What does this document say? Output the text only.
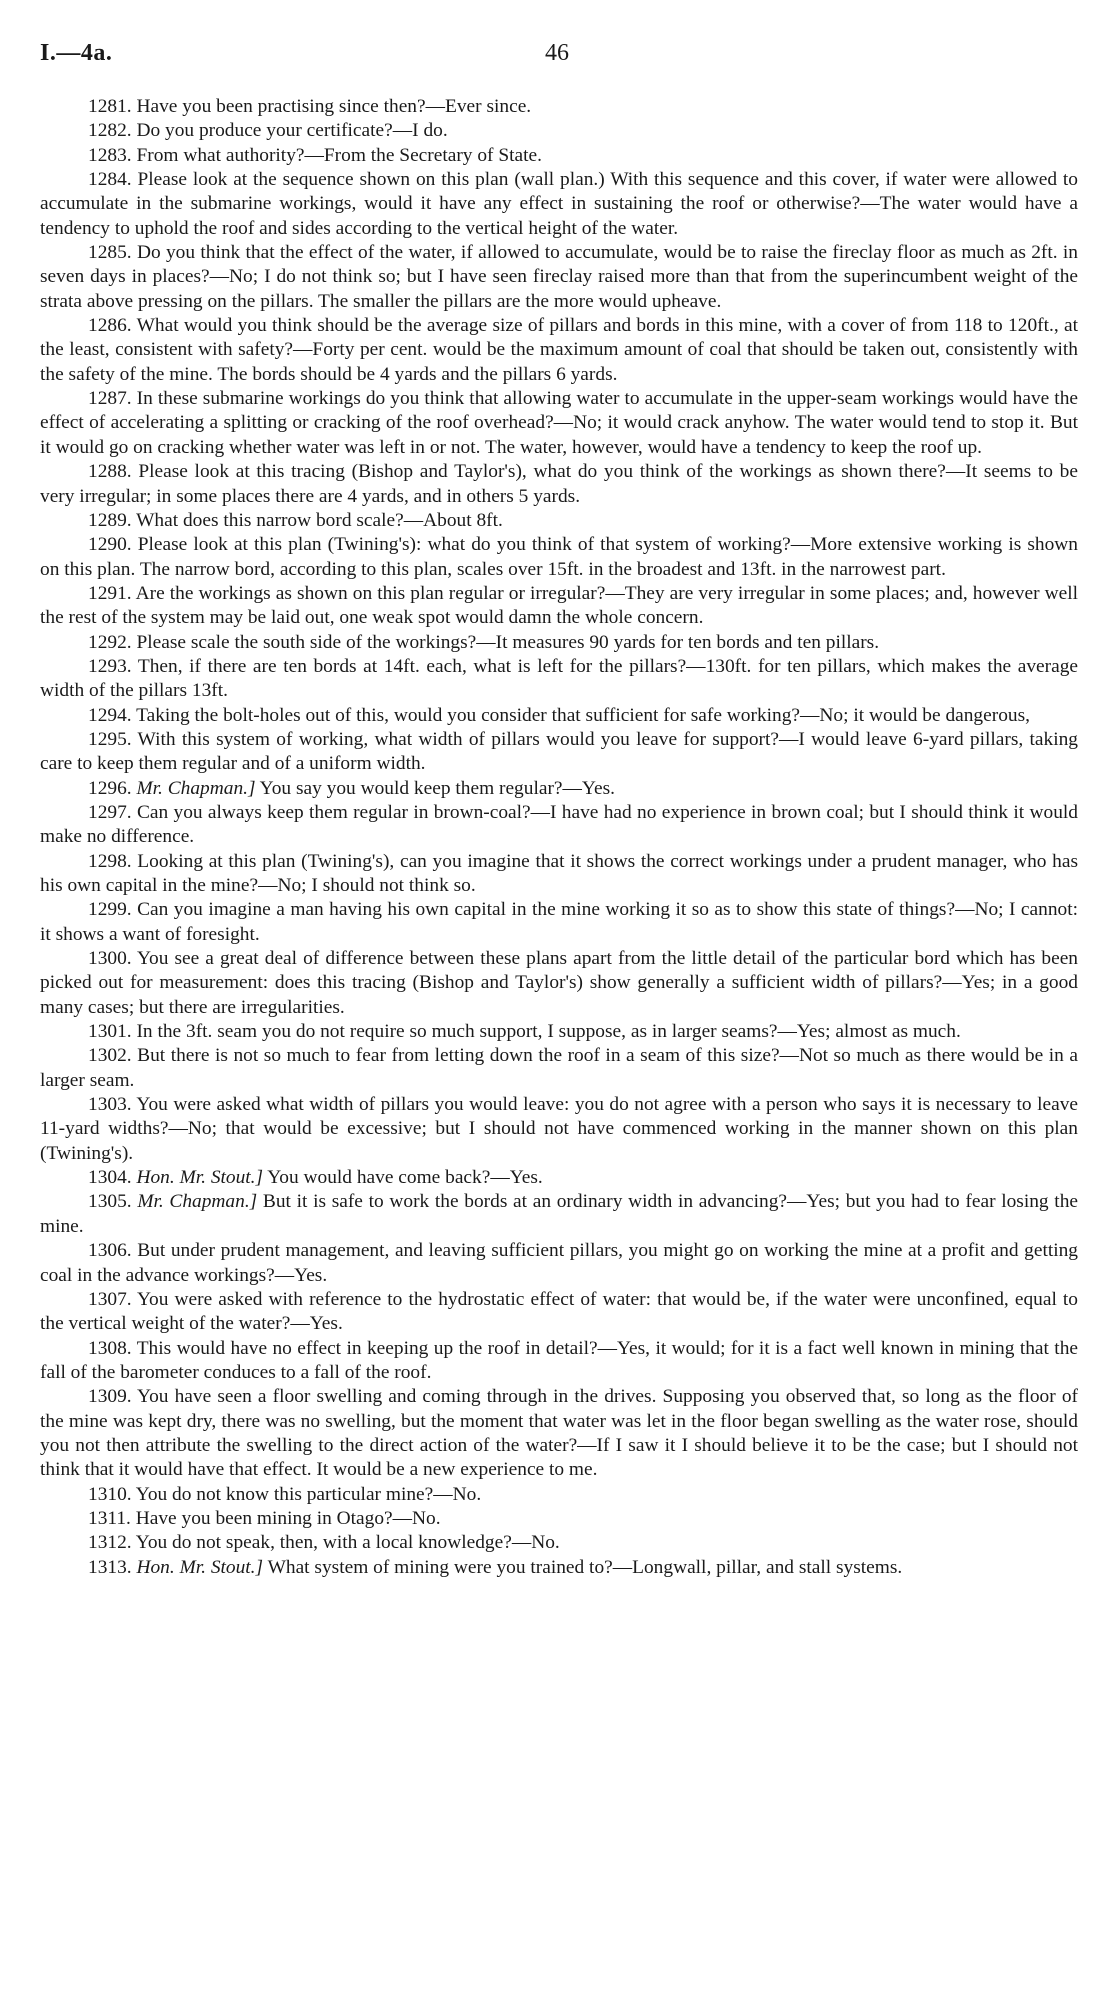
I.—4a.	46

1281. Have you been practising since then?—Ever since.

1282. Do you produce your certificate?—I do.

1283. From what authority?—From the Secretary of State.

1284. Please look at the sequence shown on this plan (wall plan.) With this sequence and this cover, if water were allowed to accumulate in the submarine workings, would it have any effect in sustaining the roof or otherwise?—The water would have a tendency to uphold the roof and sides according to the vertical height of the water.

1285. Do you think that the effect of the water, if allowed to accumulate, would be to raise the fireclay floor as much as 2ft. in seven days in places?—No; I do not think so; but I have seen fireclay raised more than that from the superincumbent weight of the strata above pressing on the pillars. The smaller the pillars are the more would upheave.

1286. What would you think should be the average size of pillars and bords in this mine, with a cover of from 118 to 120ft., at the least, consistent with safety?—Forty per cent. would be the maximum amount of coal that should be taken out, consistently with the safety of the mine. The bords should be 4 yards and the pillars 6 yards.

1287. In these submarine workings do you think that allowing water to accumulate in the upper-seam workings would have the effect of accelerating a splitting or cracking of the roof overhead?—No; it would crack anyhow. The water would tend to stop it. But it would go on cracking whether water was left in or not. The water, however, would have a tendency to keep the roof up.

1288. Please look at this tracing (Bishop and Taylor's), what do you think of the workings as shown there?—It seems to be very irregular; in some places there are 4 yards, and in others 5 yards.

1289. What does this narrow bord scale?—About 8ft.

1290. Please look at this plan (Twining's): what do you think of that system of working?—More extensive working is shown on this plan. The narrow bord, according to this plan, scales over 15ft. in the broadest and 13ft. in the narrowest part.

1291. Are the workings as shown on this plan regular or irregular?—They are very irregular in some places; and, however well the rest of the system may be laid out, one weak spot would damn the whole concern.

1292. Please scale the south side of the workings?—It measures 90 yards for ten bords and ten pillars.

1293. Then, if there are ten bords at 14ft. each, what is left for the pillars?—130ft. for ten pillars, which makes the average width of the pillars 13ft.

1294. Taking the bolt-holes out of this, would you consider that sufficient for safe working?—No; it would be dangerous,

1295. With this system of working, what width of pillars would you leave for support?—I would leave 6-yard pillars, taking care to keep them regular and of a uniform width.

1296. Mr. Chapman.] You say you would keep them regular?—Yes.

1297. Can you always keep them regular in brown-coal?—I have had no experience in brown coal; but I should think it would make no difference.

1298. Looking at this plan (Twining's), can you imagine that it shows the correct workings under a prudent manager, who has his own capital in the mine?—No; I should not think so.

1299. Can you imagine a man having his own capital in the mine working it so as to show this state of things?—No; I cannot: it shows a want of foresight.

1300. You see a great deal of difference between these plans apart from the little detail of the particular bord which has been picked out for measurement: does this tracing (Bishop and Taylor's) show generally a sufficient width of pillars?—Yes; in a good many cases; but there are irregularities.

1301. In the 3ft. seam you do not require so much support, I suppose, as in larger seams?—Yes; almost as much.

1302. But there is not so much to fear from letting down the roof in a seam of this size?—Not so much as there would be in a larger seam.

1303. You were asked what width of pillars you would leave: you do not agree with a person who says it is necessary to leave 11-yard widths?—No; that would be excessive; but I should not have commenced working in the manner shown on this plan (Twining's).

1304. Hon. Mr. Stout.] You would have come back?—Yes.

1305. Mr. Chapman.] But it is safe to work the bords at an ordinary width in advancing?—Yes; but you had to fear losing the mine.

1306. But under prudent management, and leaving sufficient pillars, you might go on working the mine at a profit and getting coal in the advance workings?—Yes.

1307. You were asked with reference to the hydrostatic effect of water: that would be, if the water were unconfined, equal to the vertical weight of the water?—Yes.

1308. This would have no effect in keeping up the roof in detail?—Yes, it would; for it is a fact well known in mining that the fall of the barometer conduces to a fall of the roof.

1309. You have seen a floor swelling and coming through in the drives. Supposing you observed that, so long as the floor of the mine was kept dry, there was no swelling, but the moment that water was let in the floor began swelling as the water rose, should you not then attribute the swelling to the direct action of the water?—If I saw it I should believe it to be the case; but I should not think that it would have that effect. It would be a new experience to me.

1310. You do not know this particular mine?—No.

1311. Have you been mining in Otago?—No.

1312. You do not speak, then, with a local knowledge?—No.

1313. Hon. Mr. Stout.] What system of mining were you trained to?—Longwall, pillar, and stall systems.
